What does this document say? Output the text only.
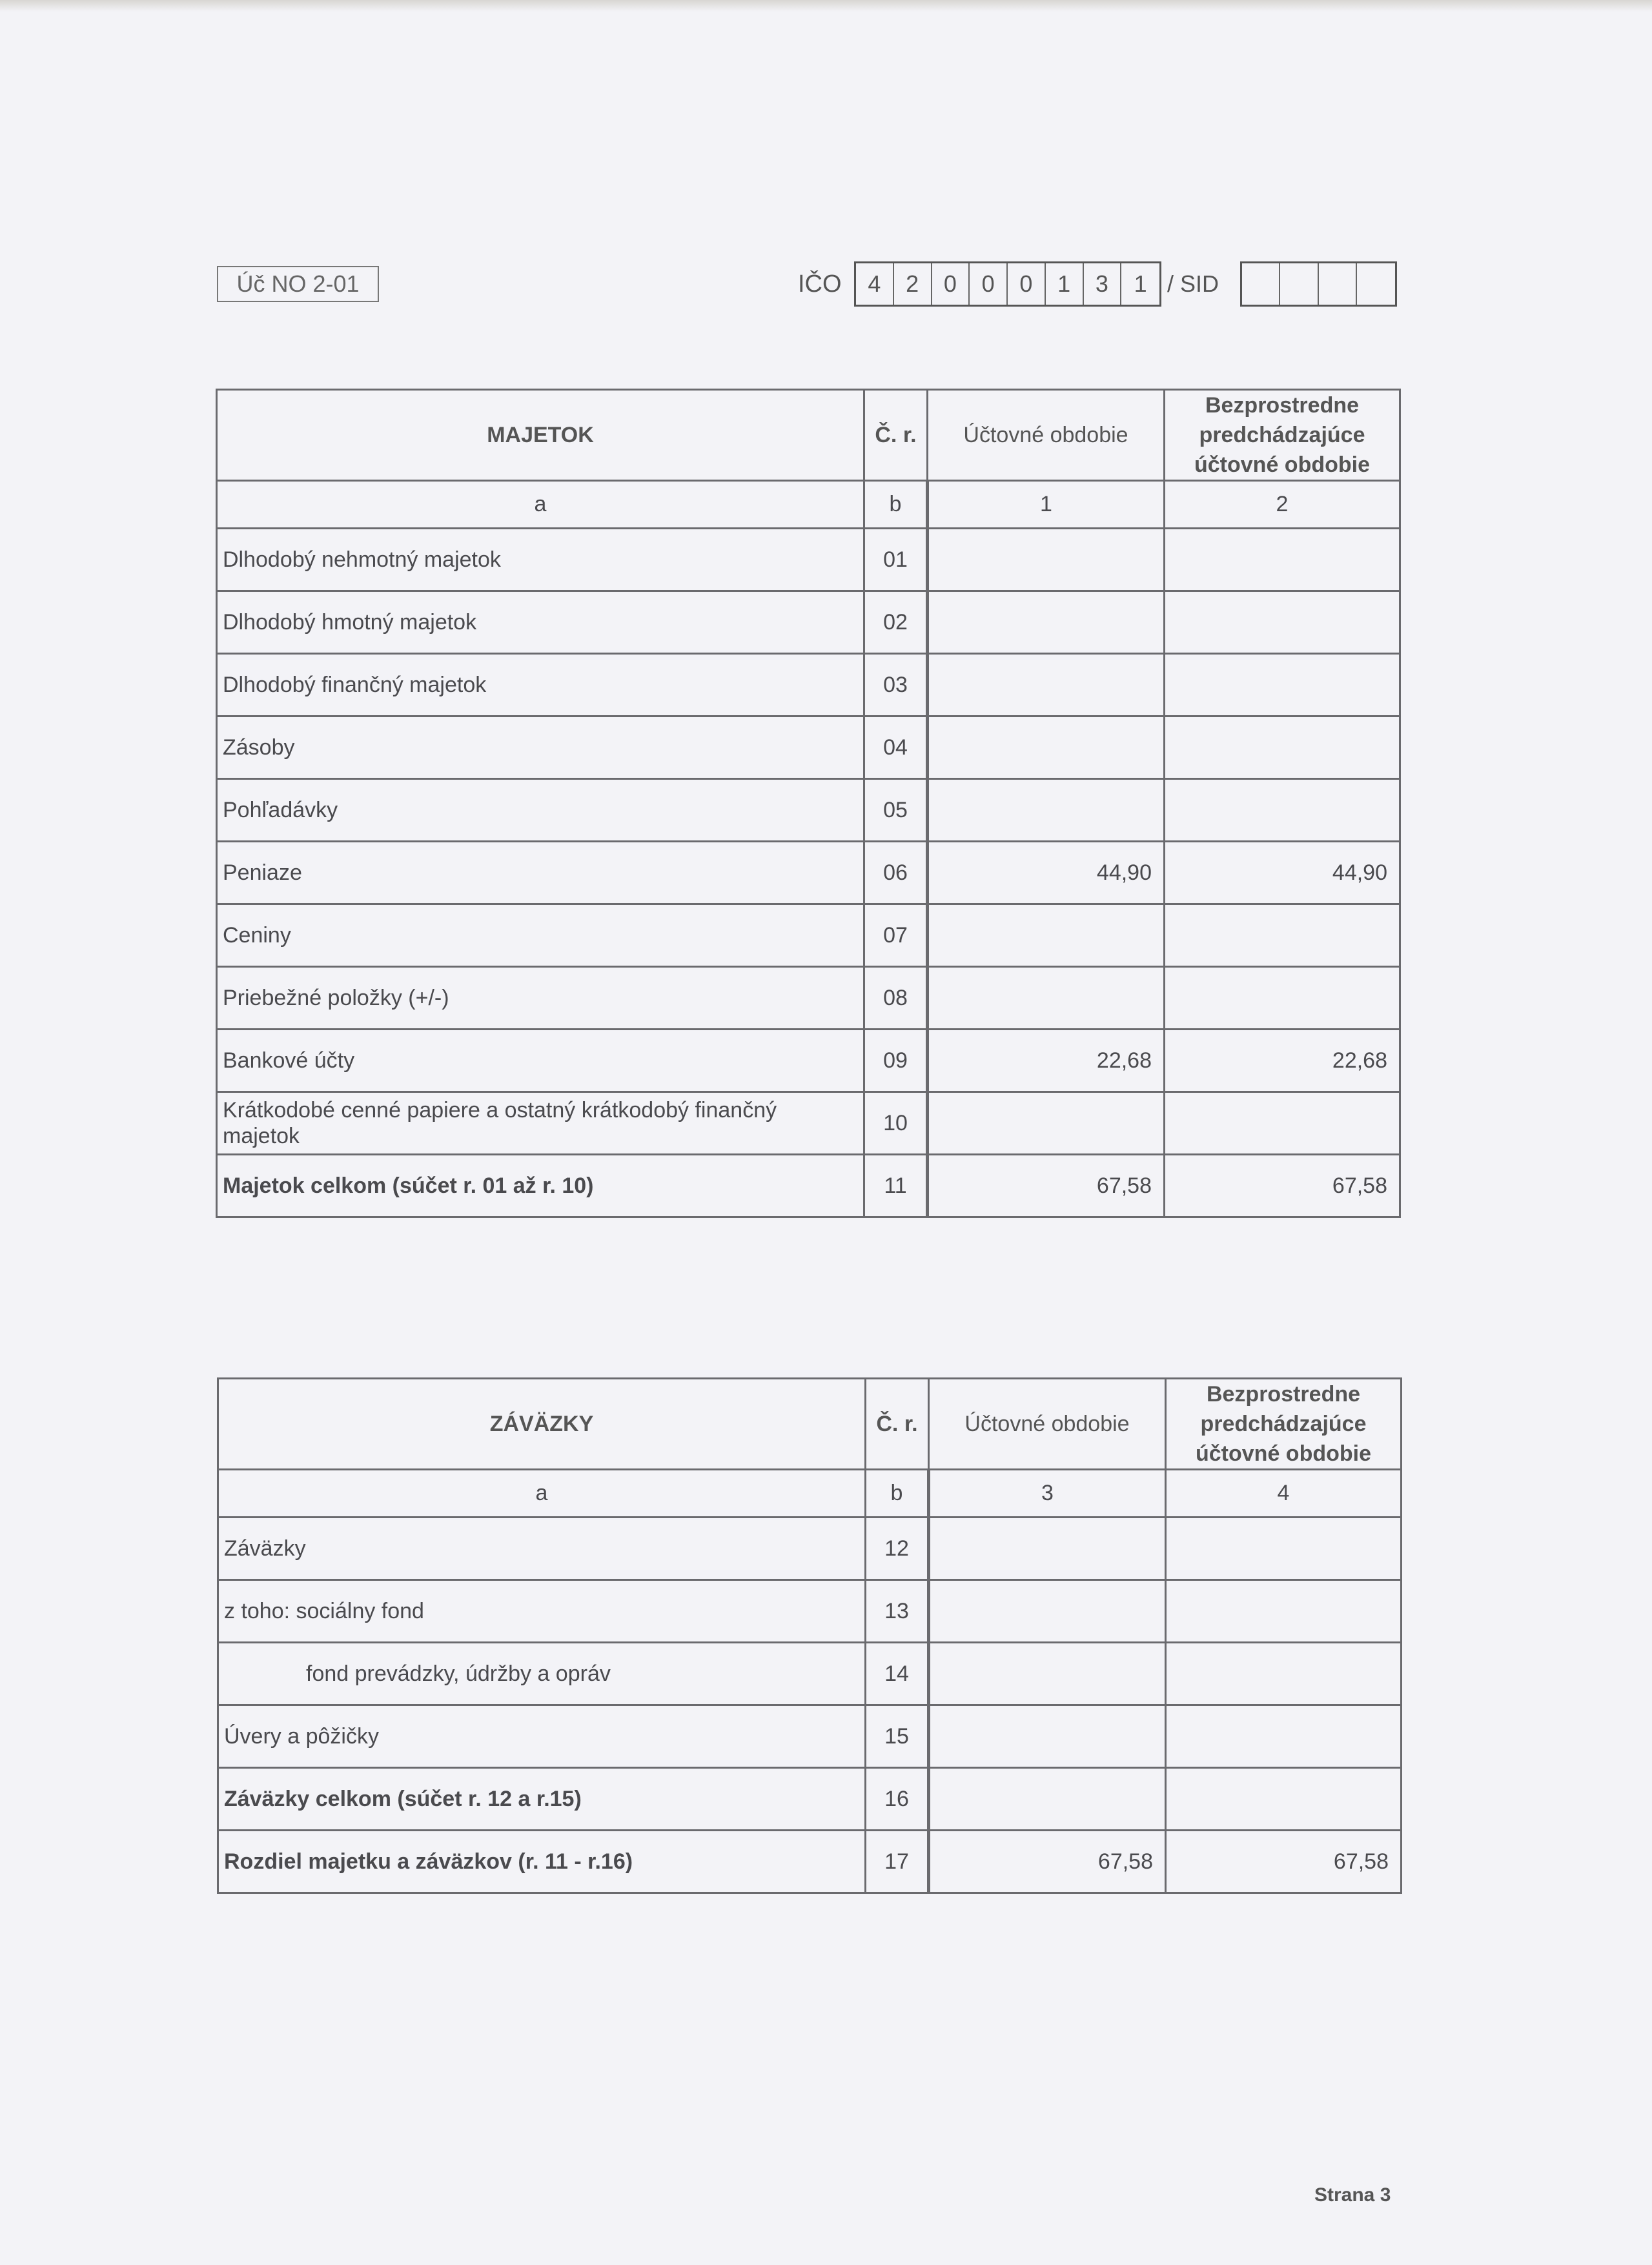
Úč NO 2-01	IČO	4	2	0	0	0	1	3	1 / SID
MAJETOK	Č. r.	Účtovné obdobie	Bezprostredne predchádzajúce účtovné obdobie
a	b	1	2
Dlhodobý nehmotný majetok	01		
Dlhodobý hmotný majetok	02		
Dlhodobý finančný majetok	03		
Zásoby	04		
Pohľadávky	05		
Peniaze	06	44,90	44,90
Ceniny	07		
Priebežné položky (+/-)	08		
Bankové účty	09	22,68	22,68
Krátkodobé cenné papiere a ostatný krátkodobý finančný majetok	10		
Majetok celkom (súčet r. 01 až r. 10)	11	67,58	67,58
ZÁVÄZKY	Č. r.	Účtovné obdobie	Bezprostredne predchádzajúce účtovné obdobie
a	b	3	4
Záväzky	12		
z toho: sociálny fond	13		
fond prevádzky, údržby a opráv	14		
Úvery a pôžičky	15		
Záväzky celkom (súčet r. 12 a r.15)	16		
Rozdiel majetku a záväzkov (r. 11 - r.16)	17	67,58	67,58
Strana 3
